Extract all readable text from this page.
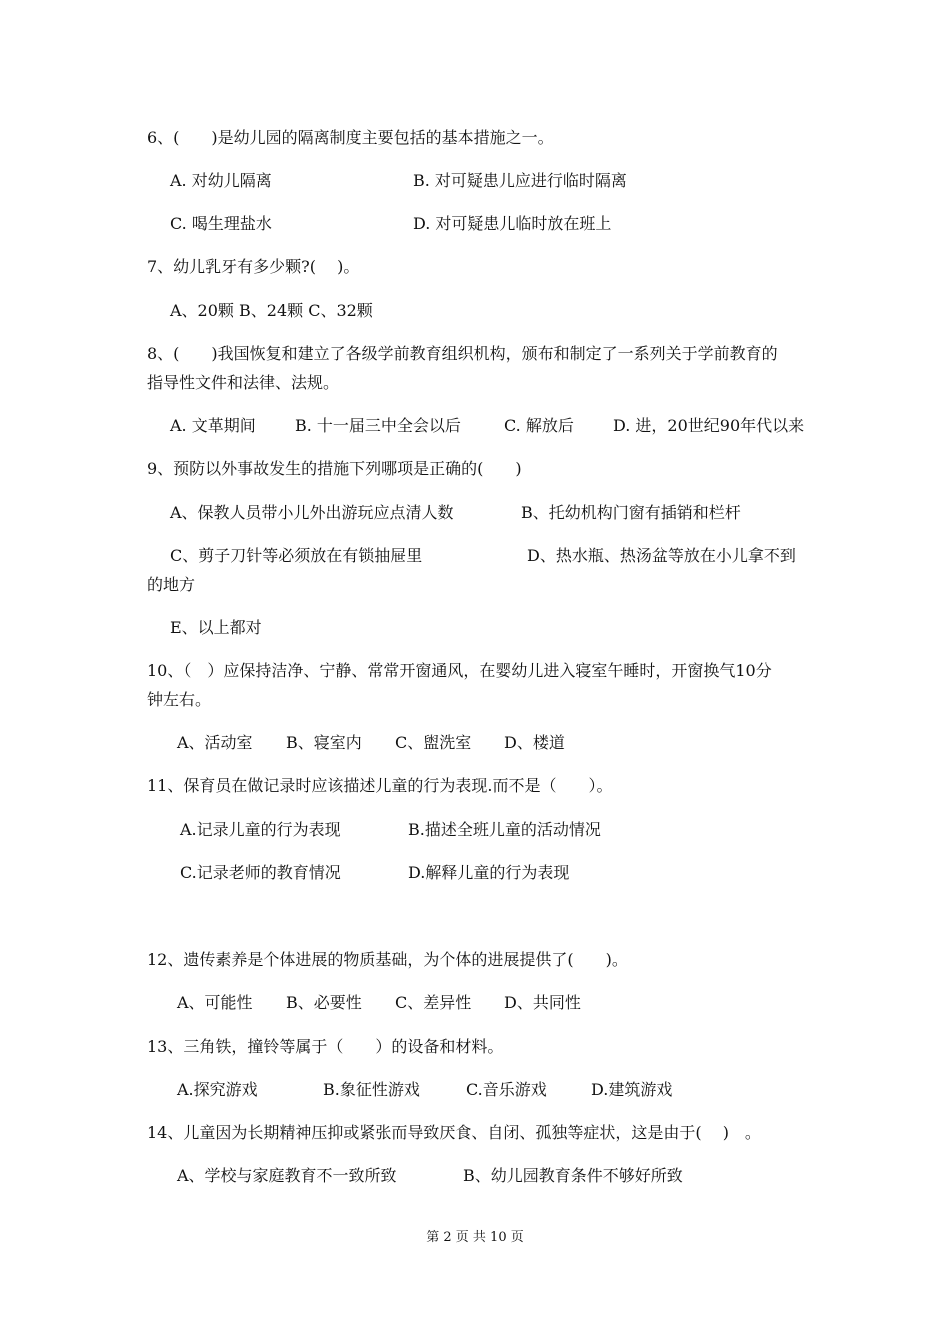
6、(　　)是幼儿园的隔离制度主要包括的基本措施之一。
A. 对幼儿隔离	B. 对可疑患儿应进行临时隔离
C. 喝生理盐水	D. 对可疑患儿临时放在班上
7、幼儿乳牙有多少颗?(　 )。
A、20颗 B、24颗 C、32颗
8、(　　)我国恢复和建立了各级学前教育组织机构，颁布和制定了一系列关于学前教育的
指导性文件和法律、法规。
A. 文革期间 B. 十一届三中全会以后	C. 解放后 D. 进，20世纪90年代以来
9、预防以外事故发生的措施下列哪项是正确的(　　)
A、保教人员带小儿外出游玩应点清人数	B、托幼机构门窗有插销和栏杆
C、剪子刀针等必须放在有锁抽屉里	D、热水瓶、热汤盆等放在小儿拿不到
的地方
E、以上都对
10、（　）应保持洁净、宁静、常常开窗通风，在婴幼儿进入寝室午睡时，开窗换气10分
钟左右。
A、活动室 B、寝室内 C、盥洗室 D、楼道
11、保育员在做记录时应该描述儿童的行为表现.而不是（　　）。
A.记录儿童的行为表现	B.描述全班儿童的活动情况
C.记录老师的教育情况	D.解释儿童的行为表现
12、遗传素养是个体进展的物质基础，为个体的进展提供了(　　)。
A、可能性 B、必要性 C、差异性 D、共同性
13、三角铁，撞铃等属于（　　）的设备和材料。
A.探究游戏	B.象征性游戏	C.音乐游戏	D.建筑游戏
14、儿童因为长期精神压抑或紧张而导致厌食、自闭、孤独等症状，这是由于(　 )　。
A、学校与家庭教育不一致所致	B、幼儿园教育条件不够好所致
第 2 页 共 10 页
